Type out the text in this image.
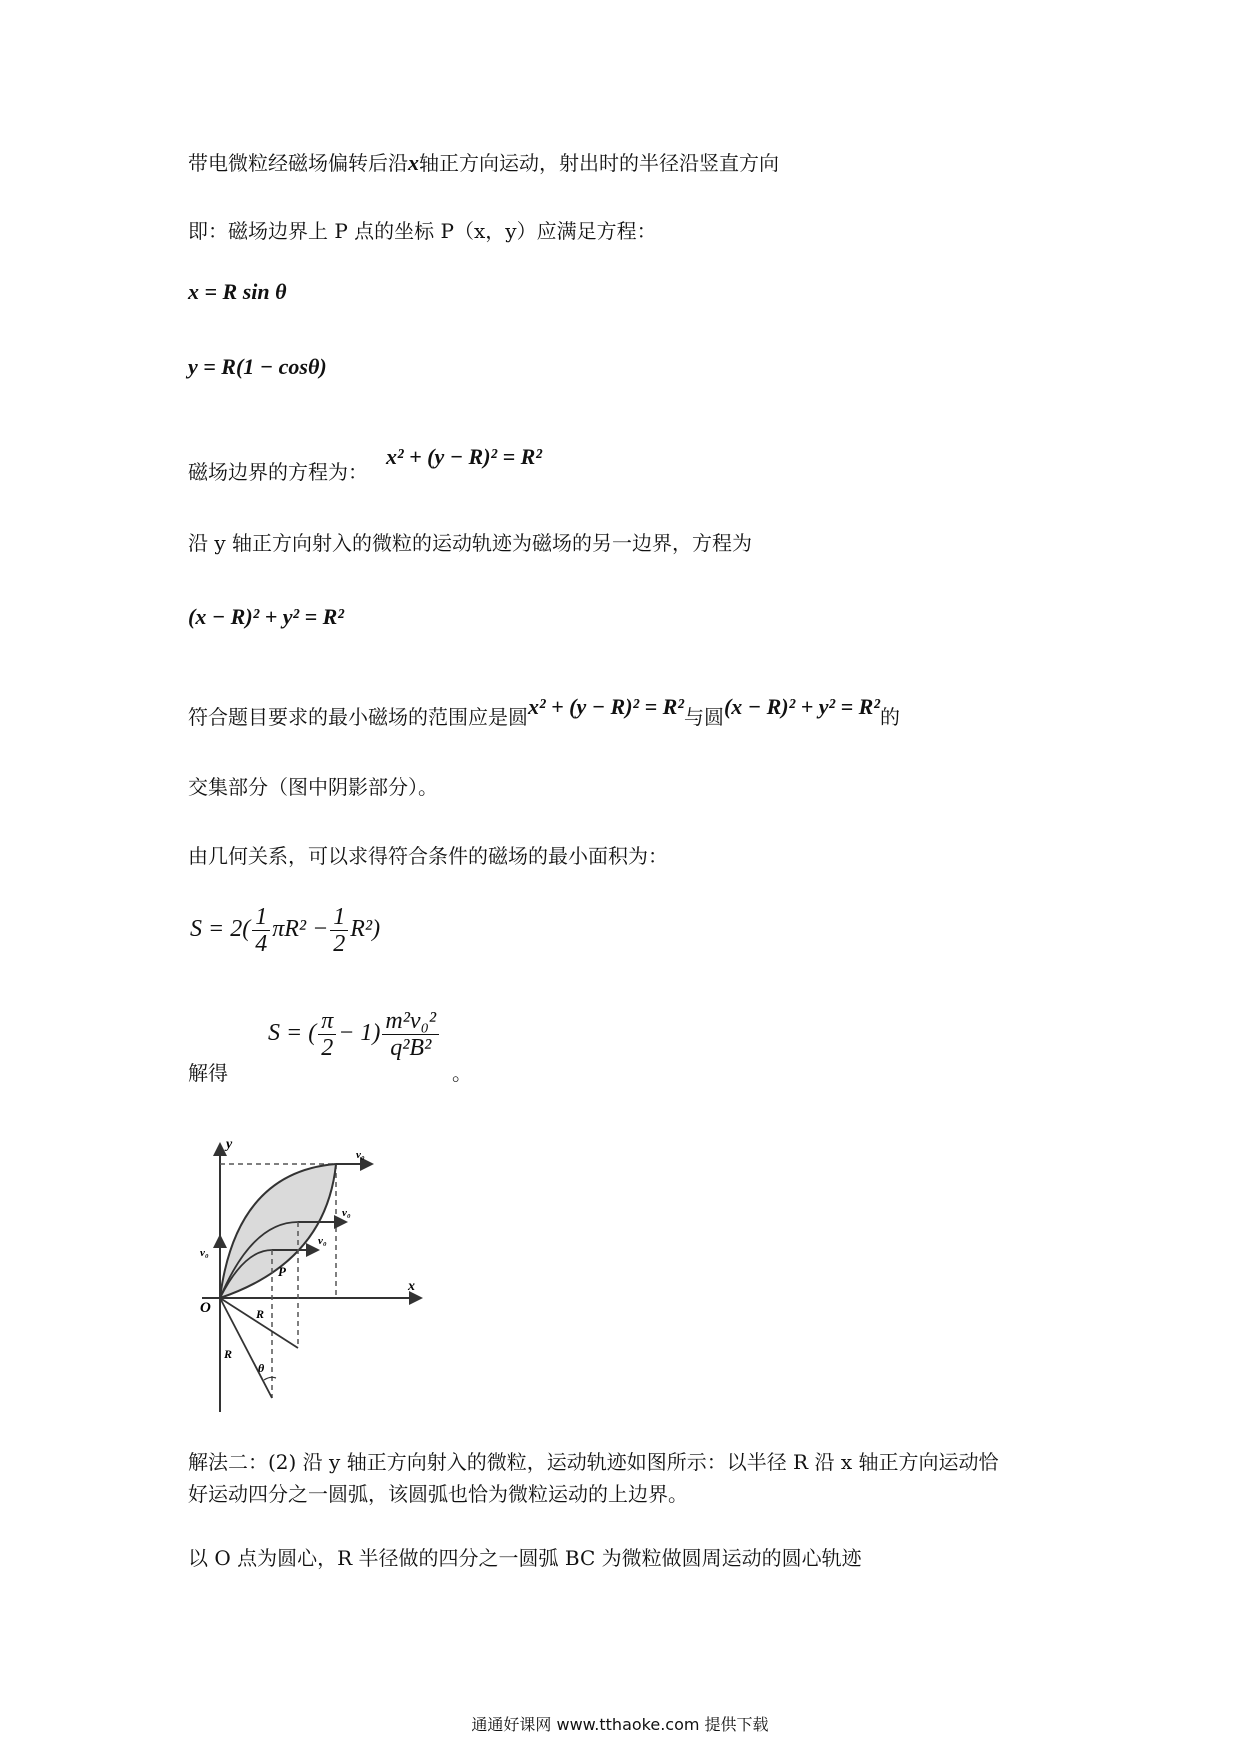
带电微粒经磁场偏转后沿x轴正方向运动，射出时的半径沿竖直方向
即：磁场边界上 P 点的坐标 P（x，y）应满足方程：
x = R sin θ
y = R(1 − cosθ)
磁场边界的方程为：
x² + (y − R)² = R²
沿 y 轴正方向射入的微粒的运动轨迹为磁场的另一边界，方程为
(x − R)² + y² = R²
符合题目要求的最小磁场的范围应是圆x² + (y − R)² = R²与圆(x − R)² + y² = R²的
交集部分（图中阴影部分）。
由几何关系，可以求得符合条件的磁场的最小面积为：
$S = 2( \frac{1}{4} \pi R^2 - \frac{1}{2} R^2)$
解得
S = ( $\frac{\pi}{2} - 1) \frac{\text{m²v₀²}}{\text{q²B²}}$
。
y
x
O
v₀
v₀
v₀
v₀
P
R
R
θ
解法二：(2) 沿 y 轴正方向射入的微粒，运动轨迹如图所示：以半径 R 沿 x 轴正方向运动恰
好运动四分之一圆弧，该圆弧也恰为微粒运动的上边界。
以 O 点为圆心，R 半径做的四分之一圆弧 BC 为微粒做圆周运动的圆心轨迹
通通好课网 www.tthaoke.com 提供下载
